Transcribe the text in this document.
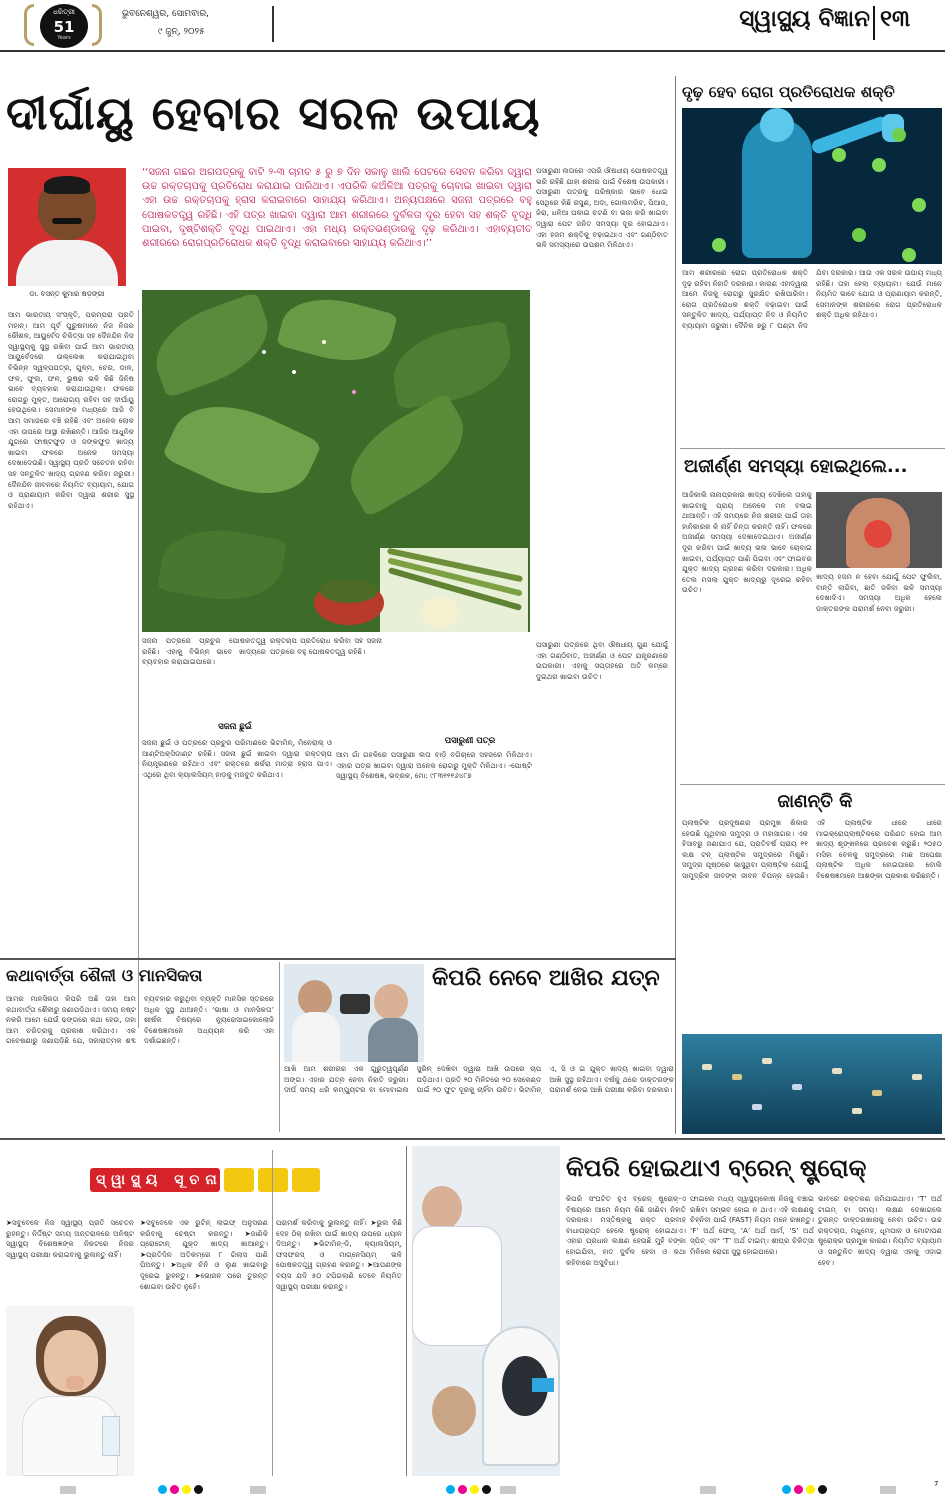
ଧରିତ୍ରୀ
51
Years
ଭୁବନେଶ୍ୱର, ସୋମବାର,
୯ ଜୁନ୍, ୨୦୨୫	ସ୍ୱାସ୍ଥ୍ୟ ବିଜ୍ଞାନ ୧୩
ଦୀର୍ଘାୟୁ ହେବାର ସରଳ ଉପାୟ
ଡା. ବସନ୍ତ କୁମାର ଷଡ଼ଙ୍ଗୀ
‘‘ସଜନା ଗଛର ଅଗପତ୍ରକୁ ବାଟି ୨-୩ ଚାମଚ ୫ ରୁ ୭ ଦିନ ସକାଳୁ ଖାଲି ପେଟରେ ସେବନ କରିବା ଦ୍ୱାରା ଉଚ୍ଚ ରକ୍ତଚାପକୁ ପ୍ରତିରୋଧ କରାଯାଇ ପାରିଥାଏ। ଏପରିକି କଅଁଳିଆ ପତ୍ରକୁ ଚୋବାଇ ଖାଇବା ଦ୍ୱାରା ଏହା ଉଚ୍ଚ ରକ୍ତଚାପକୁ ହ୍ରାସ କରାଇବାରେ ସାହାଯ୍ୟ କରିଥାଏ। ଅନ୍ୟପକ୍ଷରେ ସଜନା ପତ୍ରରେ ବହୁ ପୋଷକତତ୍ତ୍ୱ ରହିଛି। ଏହି ପତ୍ର ଖାଇବା ଦ୍ୱାରା ଆମ ଶରୀରରେ ଦୁର୍ବଳତା ଦୂର ହେବା ସହ ଶକ୍ତି ବୃଦ୍ଧି ପାଇବା, ଦୃଷ୍ଟିଶକ୍ତି ବୃଦ୍ଧି ପାଇଥାଏ। ଏହା ମଧ୍ୟ ରକ୍ତଭଣ୍ଡାରକୁ ଦୃଢ଼ କରିଥାଏ। ଏହାବ୍ୟତୀତ ଶରୀରରେ ରୋଗପ୍ରତିରୋଧକ ଶକ୍ତି ବୃଦ୍ଧି କରାଇବାରେ ସାହାଯ୍ୟ କରିଥାଏ।’’
ଆମ ଭାରତୀୟ ସଂସ୍କୃତି, ପରମ୍ପରା ପ୍ରତି ମହାନ୍। ଆମ ପୂର୍ବ ପୁରୁଷମାନେ ନିଜ ନିଜର କୌଶଳ, ଆୟୁର୍ବେଦ ଚିକିତ୍ସା ସହ ଦୈନନ୍ଦିନ ନିଜ ସ୍ୱାସ୍ଥ୍ୟକୁ ସୁସ୍ଥ ରଖିବା ପାଇଁ ଆମ ଭାରତୀୟ ଆୟୁର୍ବେଦରେ ଉଲ୍ଲେଖ କରାଯାଇଥିବା ବିଭିନ୍ନ ସ୍ୱଳ୍ପପତ୍ର, ଗୁଳ୍ମ, ଚେର, ଡାଳ, ଫଳ, ଫୁଲ, ଫଳ, ଭୁଷର ଭଳି କିଛି ଜିନିଷ ଭାବେ ବ୍ୟବହାର କରାଯାଉଥିଲା। ଫଳରେ ରୋଗରୁ ମୁକ୍ତ, ଆରୋଗ୍ୟ ରହିବା ସହ ଦୀର୍ଘାୟୁ ହେଉଥିଲେ। ସେମାନଙ୍କ ମଧ୍ୟରେ ଆଜି ବି ଆମ ସମାଜରେ ବଞ୍ଚି ରହିଛି ଏବଂ ଅନେକ ଲୋକ ଏହା ଉପରେ ଆସ୍ଥା ରଖିଛନ୍ତି। ଆଜିର ଆଧୁନିକ ଯୁଗରେ ଫାଷ୍ଟଫୁଡ଼ ଓ ଜଙ୍କଫୁଡ଼ ଖାଦ୍ୟ ଖାଇବା ଫଳରେ ଅନେକ ସମସ୍ୟା ଦେଖାଦେଉଛି। ସ୍ୱାସ୍ଥ୍ୟ ପ୍ରତି ସଚେତନ ରହିବା ସହ ସନ୍ତୁଳିତ ଖାଦ୍ୟ ଗ୍ରହଣ କରିବା ଜରୁରୀ। ଦୈନନ୍ଦିନ ଜୀବନରେ ନିୟମିତ ବ୍ୟାୟାମ, ଯୋଗ ଓ ପ୍ରାଣାୟାମ କରିବା ଦ୍ୱାରା ଶରୀର ସୁସ୍ଥ ରହିଥାଏ।
ପସାରୁଣୀ ଲତାରେ ଏପରି ଔଷଧୀୟ ପୋଷକତତ୍ତ୍ୱ ଭରି ରହିଛି ଯାହା ଶରୀର ପାଇଁ ବିଶେଷ ଉପକାରୀ। ପସାରୁଣୀ ପତ୍ରକୁ ପରିଷ୍କାର ଭାବେ ଧୋଇ ସେଥିରେ କିଛି ରସୁଣ, ଅଦା, ଗୋଲମରିଚ, ପିଆଜ, ଜିରା, ଧନିଆ ପକାଇ ଚଟଣି ବା ଭଜା କରି ଖାଇବା ଦ୍ୱାରା ପେଟ ଜନିତ ସମସ୍ୟା ଦୂର ହୋଇଥାଏ। ଏହା ହଜମ ଶକ୍ତିକୁ ବଢ଼ାଇଥାଏ ଏବଂ ଗଣ୍ଠିବାତ ଭଳି ସମସ୍ୟାରେ ଉପଶମ ମିଳିଥାଏ।
ସଜନା ପତ୍ରରେ ପ୍ରଚୁର ପୋଷକତତ୍ତ୍ୱ ରହିଛି। ଏହାକୁ ବିଭିନ୍ନ ଭାବେ ଖାଦ୍ୟରେ ବ୍ୟବହାର କରାଯାଇପାରେ।
ସଜନା ଛୁଇଁ
ସଜନା ଛୁଇଁ ଓ ପତ୍ରରେ ପ୍ରଚୁର ପରିମାଣରେ ଭିଟାମିନ୍, ମିନେରାଲ୍ ଓ ଆଣ୍ଟିଅକ୍ସିଡାଣ୍ଟ ରହିଛି। ସଜନା ଛୁଇଁ ଖାଇବା ଦ୍ୱାରା ରକ୍ତଚାପ ନିୟନ୍ତ୍ରଣରେ ରହିଥାଏ ଏବଂ ରକ୍ତରେ ଶର୍କରା ମାତ୍ରା ହ୍ରାସ ପାଏ। ଏଥିରେ ଥିବା କ୍ୟାଲସିୟମ୍ ହାଡ଼କୁ ମଜବୁତ କରିଥାଏ।
ରକ୍ତଚାପ ପ୍ରତିରୋଧ କରିବା ସହ ସଜନା ପତ୍ରରେ ବହୁ ପୋଷକତତ୍ତ୍ୱ ରହିଛି।
ପସାରୁଣୀ ପତ୍ର
ଆମ ଗାଁ ଗହଳିରେ ପସାରୁଣୀ ଲତା ବାଡ଼ି ବଗିଚାରେ ସହଜରେ ମିଳିଥାଏ। ଏହାର ପତ୍ର ଖାଇବା ଦ୍ୱାରା ଅନେକ ରୋଗରୁ ମୁକ୍ତି ମିଳିଥାଏ। -ପୋଷ୍ଟି ସ୍ୱାସ୍ଥ୍ୟ ବିଶେଷଜ୍ଞ, ଭଦ୍ରକ, ମୋ: ୯୮୩୧୧୧୬୪୮୭
ପସାରୁଣୀ ପତ୍ରରେ ଥିବା ଔଷଧୀୟ ଗୁଣ ଯୋଗୁଁ ଏହା ଗଣ୍ଠିବାତ, ଅଜୀର୍ଣ୍ଣ ଓ ପେଟ ଯନ୍ତ୍ରଣାରେ ଉପକାରୀ। ଏହାକୁ ସପ୍ତାହରେ ଅତି କମ୍‌ରେ ଦୁଇଥର ଖାଇବା ଉଚିତ।
ଦୃଢ଼ ହେବ ରୋଗ ପ୍ରତିରୋଧକ ଶକ୍ତି
ଆମ ଶରୀରରେ ରୋଗ ପ୍ରତିରୋଧକ ଶକ୍ତି ଦୃଢ଼ ରହିବା ନିହାତି ଦରକାର। କାରଣ ଏହାଦ୍ୱାରା ଆମେ ନିଜକୁ ରୋଗରୁ ସୁରକ୍ଷିତ ରଖିପାରିବା। ରୋଗ ପ୍ରତିରୋଧକ ଶକ୍ତି ବଢ଼ାଇବା ପାଇଁ ସନ୍ତୁଳିତ ଖାଦ୍ୟ, ପର୍ଯ୍ୟାପ୍ତ ନିଦ ଓ ନିୟମିତ ବ୍ୟାୟାମ ଜରୁରୀ। ଦୈନିକ ୭ରୁ ୮ ଘଣ୍ଟା ନିଦ ଯିବା ଦରକାର। ଆଉ ଏକ ସରଳ ଉପାୟ ମଧ୍ୟ ରହିଛି। ତାହା ହେଲା ବ୍ୟାୟାମ। ଯେଉଁ ମାନେ ନିୟମିତ ଭାବେ ଯୋଗ ଓ ପ୍ରାଣାୟାମ କରନ୍ତି, ସେମାନଙ୍କ ଶରୀରରେ ରୋଗ ପ୍ରତିରୋଧକ ଶକ୍ତି ଅଧିକ ରହିଥାଏ।
ଅଜୀର୍ଣ୍ଣ ସମସ୍ୟା ହୋଇଥିଲେ...
ଆଜିକାଲି ନାନାପ୍ରକାର ଖାଦ୍ୟ ଦେଖିଲେ ତାହାକୁ ଖାଇବାକୁ ପ୍ରାୟ ଅନେକେ ମନ ବଳାଇ ଥାଆନ୍ତି। ଏହି ସମୟରେ ନିଜ ଶରୀର ପାଇଁ ତାହା ହାନିକାରକ କି ନାହିଁ ଚିନ୍ତା କରନ୍ତି ନାହିଁ। ଫଳରେ ଅଜୀର୍ଣ୍ଣ ସମସ୍ୟା ଦେଖାଦେଇଥାଏ। ଅଜୀର୍ଣ୍ଣ ଦୂର କରିବା ପାଇଁ ଖାଦ୍ୟ ଭଲ ଭାବେ ଚୋବାଇ ଖାଇବା, ପର୍ଯ୍ୟାପ୍ତ ପାଣି ପିଇବା ଏବଂ ଫାଇବର ଯୁକ୍ତ ଖାଦ୍ୟ ଗ୍ରହଣ କରିବା ଦରକାର। ଅଧିକ ତେଲ ମସଲା ଯୁକ୍ତ ଖାଦ୍ୟରୁ ଦୂରେଇ ରହିବା ଉଚିତ।
ଖାଦ୍ୟ ହଜମ ନ ହେବା ଯୋଗୁଁ ପେଟ ଫୁଲିବା, ବାନ୍ତି ଲାଗିବା, ଛାତି ଜଳିବା ଭଳି ସମସ୍ୟା ଦେଖାଦିଏ। ସମସ୍ୟା ଅଧିକ ହେଲେ ଡାକ୍ତରଙ୍କ ପରାମର୍ଶ ନେବା ଜରୁରୀ।
ଜାଣନ୍ତି କି
ପ୍ଲାଷ୍ଟିକ ପ୍ରଦୂଷଣର ପ୍ରମୁଖ ଶିକାର ହେଉଛି ପୃଥିବୀର ସମୁଦ୍ର ଓ ମହାସାଗର। ଏକ ହିସାବରୁ ଜଣାଯାଏ ଯେ, ପ୍ରତିବର୍ଷ ପ୍ରାୟ ୧୧ ଲକ୍ଷ ଟନ୍ ପ୍ଲାଷ୍ଟିକ ସମୁଦ୍ରରେ ମିଶୁଛି। ସମୁଦ୍ର ପୃଷ୍ଠରେ ଭାସୁଥିବା ପ୍ଲାଷ୍ଟିକ ଯୋଗୁଁ ସାମୁଦ୍ରିକ ଜୀବଙ୍କ ଜୀବନ ବିପନ୍ନ ହେଉଛି। ଏହି ପ୍ଲାଷ୍ଟିକ ଧୀରେ ଧୀରେ ମାଇକ୍ରୋପ୍ଲାଷ୍ଟିକରେ ପରିଣତ ହୋଇ ଆମ ଖାଦ୍ୟ ଶୃଙ୍ଖଳରେ ପ୍ରବେଶ କରୁଛି। ୨୦୫୦ ମସିହା ବେଳକୁ ସମୁଦ୍ରରେ ମାଛ ଅପେକ୍ଷା ପ୍ଲାଷ୍ଟିକ ଅଧିକ ହୋଇପାରେ ବୋଲି ବିଶେଷଜ୍ଞମାନେ ଆଶଙ୍କା ପ୍ରକାଶ କରିଛନ୍ତି।
କଥାବାର୍ତ୍ତା ଶୈଳୀ ଓ ମାନସିକତା
ଆମର ମାନସିକତା କିପରି ଅଛି ତାହା ଆମ କଥାବାର୍ତ୍ତା ଶୈଳୀରୁ ଜଣାପଡ଼ିଥାଏ। ସମୟ ନଷ୍ଟ ନକରି ଆମେ ଯେଉଁ ଢଙ୍ଗରେ କଥା ହେଉ, ତାହା ଆମ ଚରିତ୍ରକୁ ପ୍ରକାଶ କରିଥାଏ। ଏକ ଗବେଷଣାରୁ ଜଣାପଡ଼ିଛି ଯେ, ସକାରାତ୍ମକ ଶବ୍ଦ ବ୍ୟବହାର କରୁଥିବା ବ୍ୟକ୍ତି ମାନସିକ ସ୍ତରରେ ଅଧିକ ସୁସ୍ଥ ଥାଆନ୍ତି। ‘ଭାଷା ଓ ମାନସିକତା’ ଶୀର୍ଷକ ବିଷୟରେ ନ୍ୟୁରୋସାଇକୋଲୋଜି ବିଶେଷଜ୍ଞମାନେ ଅଧ୍ୟୟନ କରି ଏହା ଦର୍ଶାଇଛନ୍ତି।
କିପରି ନେବେ ଆଖିର ଯତ୍ନ
ଆଖି ଆମ ଶରୀରର ଏକ ଗୁରୁତ୍ୱପୂର୍ଣ୍ଣ ଅଙ୍ଗ। ଏହାର ଯତ୍ନ ନେବା ନିହାତି ଜରୁରୀ। ଦୀର୍ଘ ସମୟ ଧରି କମ୍ପ୍ୟୁଟର ବା ମୋବାଇଲ ସ୍କ୍ରିନ୍ ଦେଖିବା ଦ୍ୱାରା ଆଖି ଉପରେ ଚାପ ପଡ଼ିଥାଏ। ପ୍ରତି ୨୦ ମିନିଟରେ ୨୦ ସେକେଣ୍ଡ ପାଇଁ ୨୦ ଫୁଟ ଦୂରକୁ ଚାହିଁବା ଉଚିତ। ଭିଟାମିନ୍ ଏ, ସି ଓ ଇ ଯୁକ୍ତ ଖାଦ୍ୟ ଖାଇବା ଦ୍ୱାରା ଆଖି ସୁସ୍ଥ ରହିଥାଏ। ବର୍ଷକୁ ଥରେ ଡାକ୍ତରଙ୍କ ପରାମର୍ଶ ନେଇ ଆଖି ପରୀକ୍ଷା କରିବା ଦରକାର।
ସ୍ୱାସ୍ଥ୍ୟ ସୂଚନା
➤ସବୁବେଳେ ନିଜ ସ୍ୱାସ୍ଥ୍ୟ ପ୍ରତି ସଚେତନ ରୁହନ୍ତୁ। ନିର୍ଦ୍ଦିଷ୍ଟ ସମୟ ଅନ୍ତରାଳରେ ଅନିଷ୍ଟ ସ୍ୱାସ୍ଥ୍ୟ ବିଶେଷଜ୍ଞଙ୍କ ନିକଟରେ ନିଜର ସ୍ୱାସ୍ଥ୍ୟ ପରୀକ୍ଷା କରାଇବାକୁ ଭୁଲନ୍ତୁ ନାହିଁ।
➤ସବୁବେଳେ ଏକ ରୁଟିନ୍ ଲାଇଫ୍ ଅନୁସରଣ କରିବାକୁ ଚେଷ୍ଟା କରନ୍ତୁ। ➤ଜାଣିକି ପ୍ରୋଟୋନ୍ ଯୁକ୍ତ ଖାଦ୍ୟ ଖାଆନ୍ତୁ। ➤ପ୍ରତିଦିନ ଅତିକମ୍‌ରେ ୮ ଗିଲାସ ପାଣି ପିଅନ୍ତୁ। ➤ଅଧିକ ଚିନି ଓ ଲୁଣ ଖାଇବାରୁ ଦୂରେଇ ରୁହନ୍ତୁ। ➤ଭୋଜନ ପରେ ତୁରନ୍ତ ଶୋଇବା ଉଚିତ ନୁହେଁ।
ପରାମର୍ଶ କରିବାକୁ ଭୁଲନ୍ତୁ ନାହିଁ। ➤ଭୁଲ କିଛି ଦେହ ଠିକ୍ ରଖିବା ପାଇଁ ଖାଦ୍ୟ ଉପରେ ଧ୍ୟାନ ଦିଅନ୍ତୁ। ➤ଭିଟାମିନ୍-ଡି, କ୍ୟାଲସିୟମ୍, ଫସଫରସ୍ ଓ ମାଗ୍ନେସିୟମ୍ ଭଳି ପୋଷକତତ୍ତ୍ୱ ଗ୍ରହଣ କରନ୍ତୁ। ➤ଆପଣଙ୍କ ବୟସ ଯଦି ୫୦ ଟପିଗଲାଣି ତେବେ ନିୟମିତ ସ୍ୱାସ୍ଥ୍ୟ ପରୀକ୍ଷା କରାନ୍ତୁ।
କିପରି ହୋଇଥାଏ ବ୍ରେନ୍ ଷ୍ଟ୍ରୋକ୍
କିପରି ସଂଘଟିତ ହୁଏ ବ୍ରେନ୍ ଷ୍ଟ୍ରୋକ୍-ଏ ବିଷୟରେ ଆମେ ନିୟମ କିଛି ଜାଣିବା ନିହାତି ଦରକାର। ମସ୍ତିଷ୍କକୁ ରକ୍ତ ପ୍ରବାହ ବାଧାପ୍ରାପ୍ତ ହେଲେ ଷ୍ଟ୍ରୋକ୍ ହୋଇଥାଏ। ଏହାର ପ୍ରଧାନ ଲକ୍ଷଣ ହେଉଛି ମୁହଁ ବଙ୍କା ହୋଇଯିବା, ହାତ ଦୁର୍ବଳ ହେବା ଓ କଥା କହିବାରେ ଅସୁବିଧା।
ଫାଇଲେ ମଧ୍ୟ ସ୍ୱାସ୍ଥ୍ୟକୋଷ ନିଜକୁ ବଞ୍ଚାଇ ରଖିବା ସମ୍ଭବ ହୋଇ ନ ଥାଏ। ଏହି ଲକ୍ଷଣକୁ ଚିହ୍ନିବା ପାଇଁ (FAST) ନିୟମ ମନେ ରଖନ୍ତୁ। ‘F’ ଅର୍ଥ ଫେସ୍, ‘A’ ଅର୍ଥ ଆର୍ମ, ‘S’ ଅର୍ଥ ସ୍ପିଚ୍ ଏବଂ ‘T’ ଅର୍ଥ ଟାଇମ୍। ଶୀଘ୍ର ଚିକିତ୍ସା ମିଳିଲେ ରୋଗୀ ସୁସ୍ଥ ହୋଇପାରେ।
ଭାବରେ ରକ୍ତକଣ ଜମିଯାଇଥାଏ। ‘T’ ଅର୍ଥ ଟାଇମ୍ ବା ସମୟ। ଲକ୍ଷଣ ଦେଖାଗଲେ ତୁରନ୍ତ ଡାକ୍ତରଖାନାକୁ ନେବା ଉଚିତ। ଉଚ୍ଚ ରକ୍ତଚାପ, ମଧୁମେହ, ଧୂମପାନ ଓ ମୋଟାପଣ ଷ୍ଟ୍ରୋକ୍‌ର ପ୍ରମୁଖ କାରଣ। ନିୟମିତ ବ୍ୟାୟାମ ଓ ସନ୍ତୁଳିତ ଖାଦ୍ୟ ଦ୍ୱାରା ଏହାକୁ ଏଡ଼ାଇ ହେବ।
7
